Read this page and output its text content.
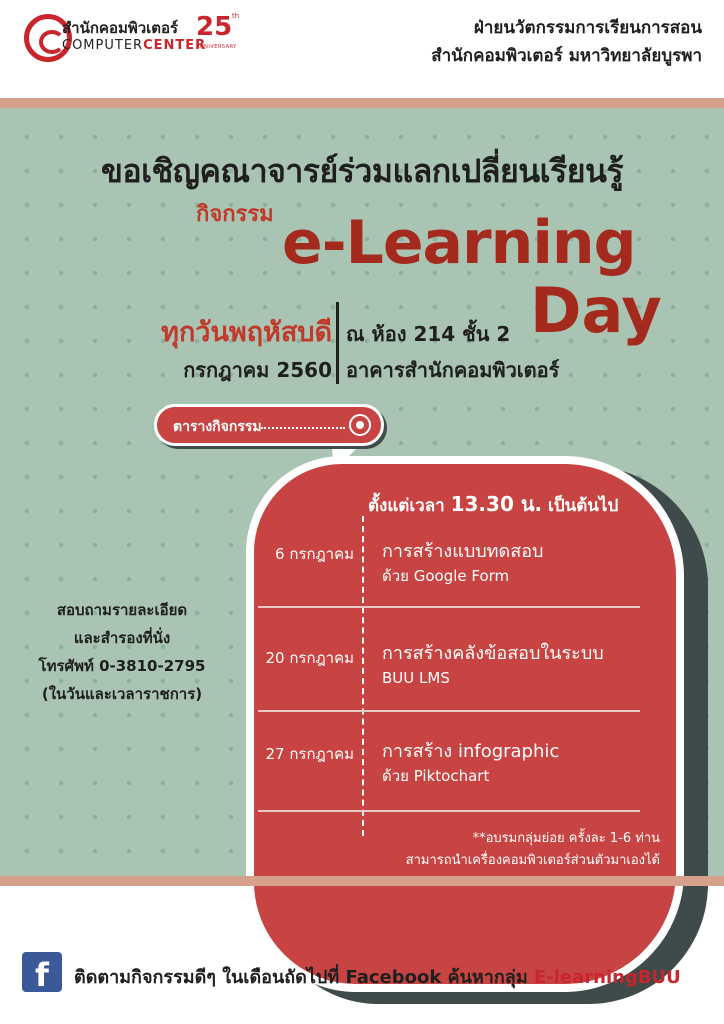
สำนักคอมพิวเตอร์
COMPUTERCENTER
25 th
ANNIVERSARY
ฝ่ายนวัตกรรมการเรียนการสอน
สำนักคอมพิวเตอร์ มหาวิทยาลัยบูรพา
ขอเชิญคณาจารย์ร่วมแลกเปลี่ยนเรียนรู้
กิจกรรม e-Learning
Day
ทุกวันพฤหัสบดี
กรกฎาคม 2560
ณ ห้อง 214 ชั้น 2
อาคารสำนักคอมพิวเตอร์
สอบถามรายละเอียด
และสำรองที่นั่ง
โทรศัพท์ 0-3810-2795
(ในวันและเวลาราชการ)
ตารางกิจกรรม
ตั้งแต่เวลา 13.30 น. เป็นต้นไป
6 กรกฎาคม การสร้างแบบทดสอบ
ด้วย Google Form
20 กรกฎาคม การสร้างคลังข้อสอบในระบบ
BUU LMS
27 กรกฎาคม การสร้าง infographic
ด้วย Piktochart
**อบรมกลุ่มย่อย ครั้งละ 1-6 ท่าน
สามารถนำเครื่องคอมพิวเตอร์ส่วนตัวมาเองได้
f	ติดตามกิจกรรมดีๆ ในเดือนถัดไปที่ Facebook ค้นหากลุ่ม E-learningBUU
